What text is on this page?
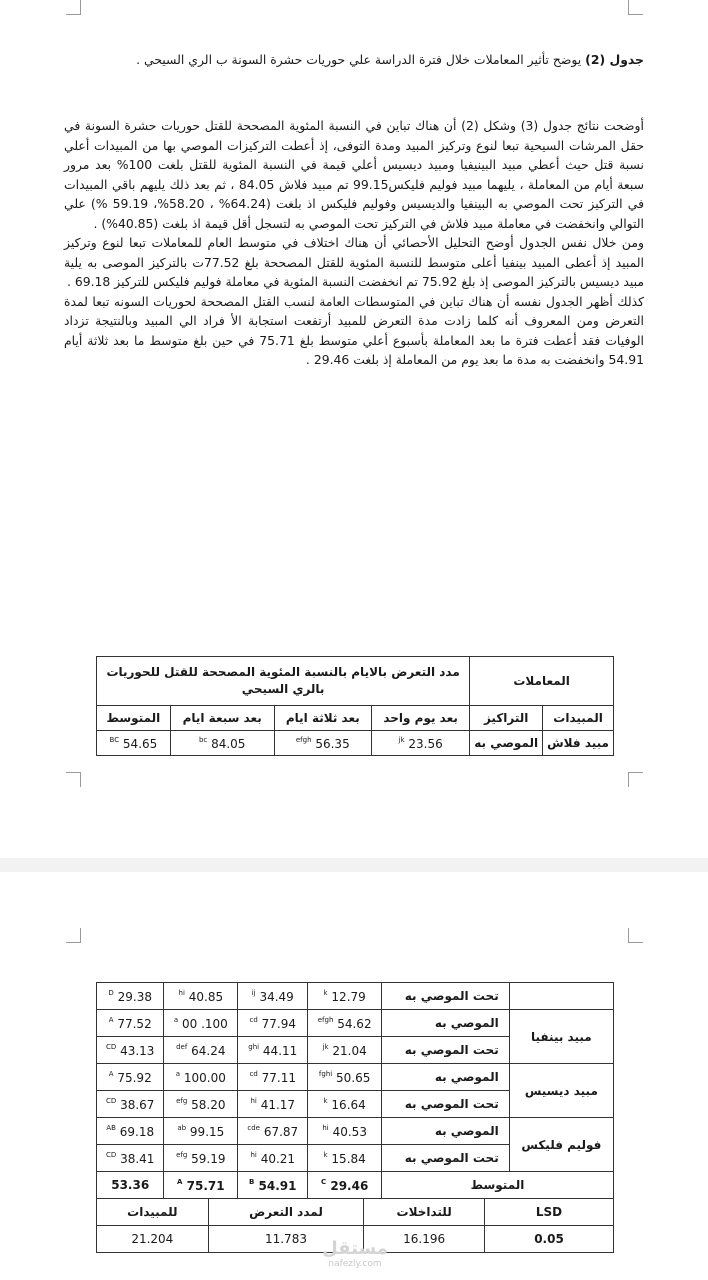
جدول (2) يوضح تأثير المعاملات خلال فترة الدراسة علي حوريات حشرة السونة ب الري السيحي .

أوضحت نتائج جدول (3) وشكل (2) أن هناك تباين في النسبة المئوية المصححة للقتل حوريات حشرة السونة في حقل المرشات السيحية تبعا لنوع وتركيز المبيد ومدة التوفى، إذ أعطت التركيزات الموصي بها من المبيدات أعلي نسبة قتل حيث أعطي مبيد البينيفيا ومبيد ديسيس أعلي قيمة في النسبة المئوية للقتل بلغت 100% بعد مرور سبعة أيام من المعاملة ، يليهما مبيد فوليم فليكس99.15 تم مبيد فلاش 84.05 ، ثم بعد ذلك يليهم باقي المبيدات في التركيز تحت الموصي به البينفيا والديسيس وفوليم فليكس اذ بلغت (64.24% ، 58.20%، 59.19 %) علي التوالي وانخفضت في معاملة مبيد فلاش في التركيز تحت الموصي به لتسجل أقل قيمة اذ بلغت (40.85%) .

ومن خلال نفس الجدول أوضح التحليل الأحصائي أن هناك اختلاف في متوسط العام للمعاملات تبعا لنوع وتركيز المبيد إذ أعطى المبيد بينفيا أعلى متوسط للنسبة المئوية للقتل المصححة بلغ 77.52ت بالتركيز الموصى به يلية مبيد ديسيس بالتركيز الموصى إذ بلغ 75.92 تم انخفضت النسبة المئوية في معاملة فوليم فليكس للتركيز 69.18 .

كذلك أظهر الجدول نفسه أن هناك تباين في المتوسطات العامة لنسب القتل المصححة لحوريات السونه تبعا لمدة التعرض ومن المعروف أنه كلما زادت مدة التعرض للمبيد أرتفعت استجابة الأ فراد الي المبيد وبالنتيجة تزداد الوفيات فقد أعطت فترة ما بعد المعاملة بأسبوع أعلي متوسط بلغ 75.71 في حين بلغ متوسط ما بعد ثلاثة أيام 54.91 وانخفضت به مدة ما بعد يوم من المعاملة إذ بلغت 29.46 .

المعاملات		مدد التعرض بالايام بالنسبة المئوية المصححة للقتل للحوريات بالري السيحي			
المبيدات	التراكيز	بعد يوم واحد	بعد ثلاثة ايام	بعد سبعة ايام	المتوسط
مبيد فلاش	الموصي به	23.56 $^{jk}$	56.35 $^{efgh}$	84.05 $^{bc}$	54.65 $^{BC}$
	تحت الموصي به	12.79 $^k$	34.49 $^{ij}$	40.85 $^{hi}$	29.38 $^D$
مبيد بينفيا	الموصي به	54.62 $^{efgh}$	77.94 $^{cd}$	100. 00 $^a$	77.52 $^A$
	تحت الموصي به	21.04 $^{jk}$	44.11 $^{ghi}$	64.24 $^{def}$	43.13 $^{CD}$
مبيد ديسيس	الموصي به	50.65 $^{fghi}$	77.11 $^{cd}$	100.00 $^a$	75.92 $^A$
	تحت الموصي به	16.64 $^k$	41.17 $^{hi}$	58.20 $^{efg}$	38.67 $^{CD}$
فوليم فليكس	الموصي به	40.53 $^{hi}$	67.87 $^{cde}$	99.15 $^{ab}$	69.18 $^{AB}$
	تحت الموصي به	15.84 $^k$	40.21 $^{hi}$	59.19 $^{efg}$	38.41 $^{CD}$
المتوسط		29.46 $^C$	54.91 $^B$	75.71 $^A$	53.36
LSD	للتداخلات	لمدد التعرض	للمبيدات
0.05	16.196	11.783	21.204	مستقل
nafezly.com
